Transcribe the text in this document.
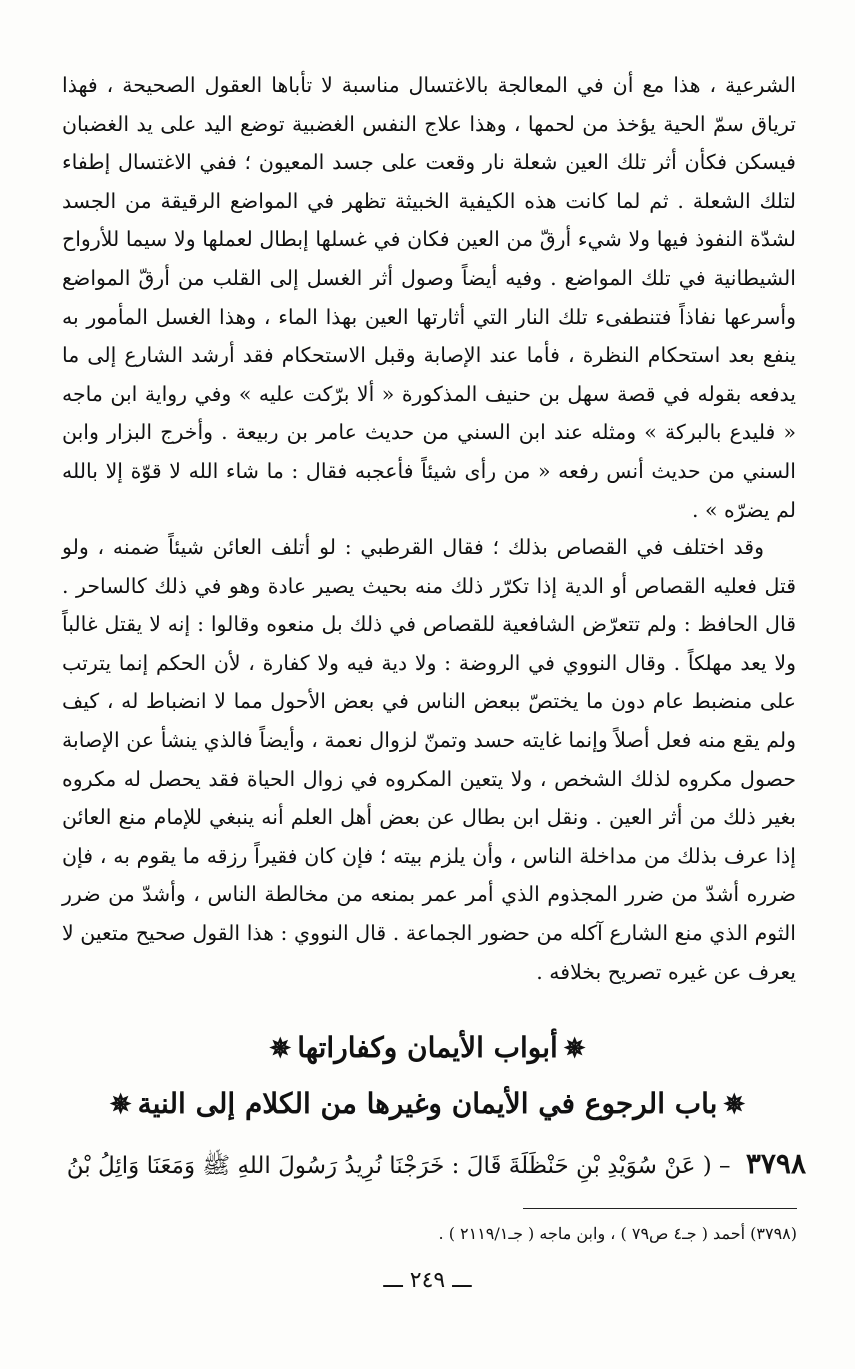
الشرعية ، هذا مع أن في المعالجة بالاغتسال مناسبة لا تأباها العقول الصحيحة ، فهذا ترياق سمّ الحية يؤخذ من لحمها ، وهذا علاج النفس الغضبية توضع اليد على يد الغضبان فيسكن فكأن أثر تلك العين شعلة نار وقعت على جسد المعيون ؛ ففي الاغتسال إطفاء لتلك الشعلة . ثم لما كانت هذه الكيفية الخبيثة تظهر في المواضع الرقيقة من الجسد لشدّة النفوذ فيها ولا شيء أرقّ من العين فكان في غسلها إبطال لعملها ولا سيما للأرواح الشيطانية في تلك المواضع . وفيه أيضاً وصول أثر الغسل إلى القلب من أرقّ المواضع وأسرعها نفاذاً فتنطفىء تلك النار التي أثارتها العين بهذا الماء ، وهذا الغسل المأمور به ينفع بعد استحكام النظرة ، فأما عند الإصابة وقبل الاستحكام فقد أرشد الشارع إلى ما يدفعه بقوله في قصة سهل بن حنيف المذكورة « ألا برّكت عليه » وفي رواية ابن ماجه « فليدع بالبركة » ومثله عند ابن السني من حديث عامر بن ربيعة . وأخرج البزار وابن السني من حديث أنس رفعه « من رأى شيئاً فأعجبه فقال : ما شاء الله لا قوّة إلا بالله لم يضرّه » .

وقد اختلف في القصاص بذلك ؛ فقال القرطبي : لو أتلف العائن شيئاً ضمنه ، ولو قتل فعليه القصاص أو الدية إذا تكرّر ذلك منه بحيث يصير عادة وهو في ذلك كالساحر . قال الحافظ : ولم تتعرّض الشافعية للقصاص في ذلك بل منعوه وقالوا : إنه لا يقتل غالباً ولا يعد مهلكاً . وقال النووي في الروضة : ولا دية فيه ولا كفارة ، لأن الحكم إنما يترتب على منضبط عام دون ما يختصّ ببعض الناس في بعض الأحول مما لا انضباط له ، كيف ولم يقع منه فعل أصلاً وإنما غايته حسد وتمنّ لزوال نعمة ، وأيضاً فالذي ينشأ عن الإصابة حصول مكروه لذلك الشخص ، ولا يتعين المكروه في زوال الحياة فقد يحصل له مكروه بغير ذلك من أثر العين . ونقل ابن بطال عن بعض أهل العلم أنه ينبغي للإمام منع العائن إذا عرف بذلك من مداخلة الناس ، وأن يلزم بيته ؛ فإن كان فقيراً رزقه ما يقوم به ، فإن ضرره أشدّ من ضرر المجذوم الذي أمر عمر بمنعه من مخالطة الناس ، وأشدّ من ضرر الثوم الذي منع الشارع آكله من حضور الجماعة . قال النووي : هذا القول صحيح متعين لا يعرف عن غيره تصريح بخلافه .

✵أبواب الأيمان وكفاراتها✵
✵باب الرجوع في الأيمان وغيرها من الكلام إلى النية✵
٣٧٩٨ – ( عَنْ سُوَيْدِ بْنِ حَنْظَلَةَ قَالَ : خَرَجْنَا نُرِيدُ رَسُولَ اللهِ ﷺ وَمَعَنَا وَائِلُ بْنُ
(٣٧٩٨) أحمد ( جـ٤ ص٧٩ ) ، وابن ماجه ( جـ٢١١٩/١ ) .
ـــ ٢٤٩ ـــ
